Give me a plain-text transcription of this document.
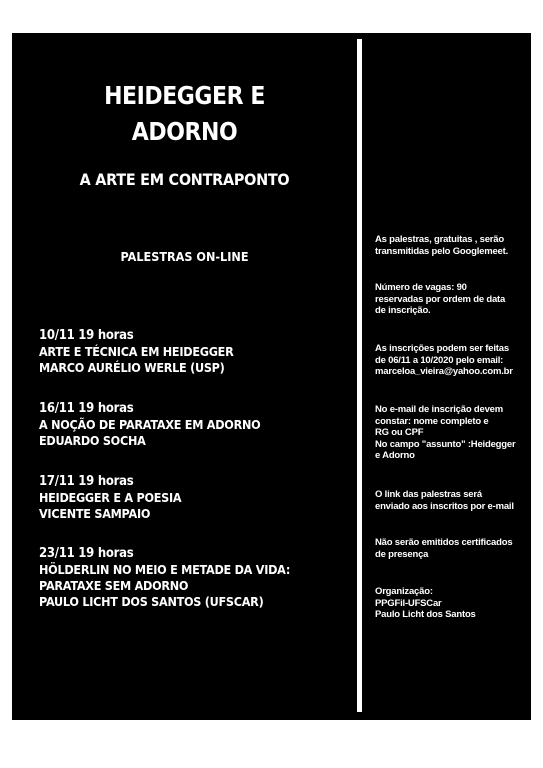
HEIDEGGER E
ADORNO
A ARTE EM CONTRAPONTO
PALESTRAS ON-LINE
10/11 19 horas
ARTE E TÉCNICA EM HEIDEGGER
MARCO AURÉLIO WERLE (USP)
16/11 19 horas
A NOÇÃO DE PARATAXE EM ADORNO
EDUARDO SOCHA
17/11 19 horas
HEIDEGGER E A POESIA
VICENTE SAMPAIO
23/11 19 horas
HÖLDERLIN NO MEIO E METADE DA VIDA:
PARATAXE SEM ADORNO
PAULO LICHT DOS SANTOS (UFSCAR)
As palestras, gratuitas , serão
transmitidas pelo Googlemeet.
Número de vagas: 90
reservadas por ordem de data
de inscrição.
As inscrições podem ser feitas
de 06/11 a 10/2020 pelo email:
marceloa_vieira@yahoo.com.br
No e-mail de inscrição devem
constar: nome completo e
RG ou CPF
No campo "assunto" :Heidegger
e Adorno
O link das palestras será
enviado aos inscritos por e-mail
Não serão emitidos certificados
de presença
Organização:
PPGFil-UFSCar
Paulo Licht dos Santos
